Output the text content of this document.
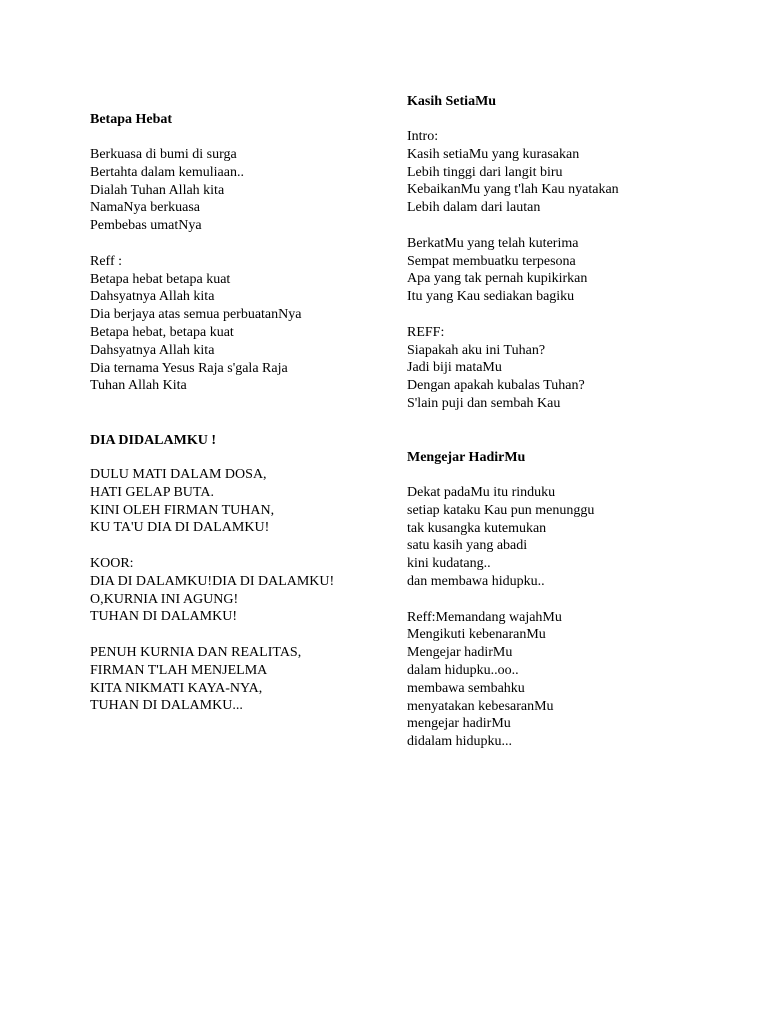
Betapa Hebat
Berkuasa di bumi di surga
Bertahta dalam kemuliaan..
Dialah Tuhan Allah kita
NamaNya berkuasa
Pembebas umatNya
Reff :
Betapa hebat betapa kuat
Dahsyatnya Allah kita
Dia berjaya atas semua perbuatanNya
Betapa hebat, betapa kuat
Dahsyatnya Allah kita
Dia ternama Yesus Raja s'gala Raja
Tuhan Allah Kita
DIA DIDALAMKU !
DULU MATI DALAM DOSA,
HATI GELAP BUTA.
KINI OLEH FIRMAN TUHAN,
KU TA'U DIA DI DALAMKU!
KOOR:
DIA DI DALAMKU!DIA DI DALAMKU!
O,KURNIA INI AGUNG!
TUHAN DI DALAMKU!
PENUH KURNIA DAN REALITAS,
FIRMAN T'LAH MENJELMA
KITA NIKMATI KAYA-NYA,
TUHAN DI DALAMKU...
Kasih SetiaMu
Intro:
Kasih setiaMu yang kurasakan
Lebih tinggi dari langit biru
KebaikanMu yang t'lah Kau nyatakan
Lebih dalam dari lautan
BerkatMu yang telah kuterima
Sempat membuatku terpesona
Apa yang tak pernah kupikirkan
Itu yang Kau sediakan bagiku
REFF:
Siapakah aku ini Tuhan?
Jadi biji mataMu
Dengan apakah kubalas Tuhan?
S'lain puji dan sembah Kau
Mengejar HadirMu
Dekat padaMu itu rinduku
setiap kataku Kau pun menunggu
tak kusangka kutemukan
satu kasih yang abadi
kini kudatang..
dan membawa hidupku..
Reff:Memandang wajahMu
Mengikuti kebenaranMu
Mengejar hadirMu
dalam hidupku..oo..
membawa sembahku
menyatakan kebesaranMu
mengejar hadirMu
didalam hidupku...
